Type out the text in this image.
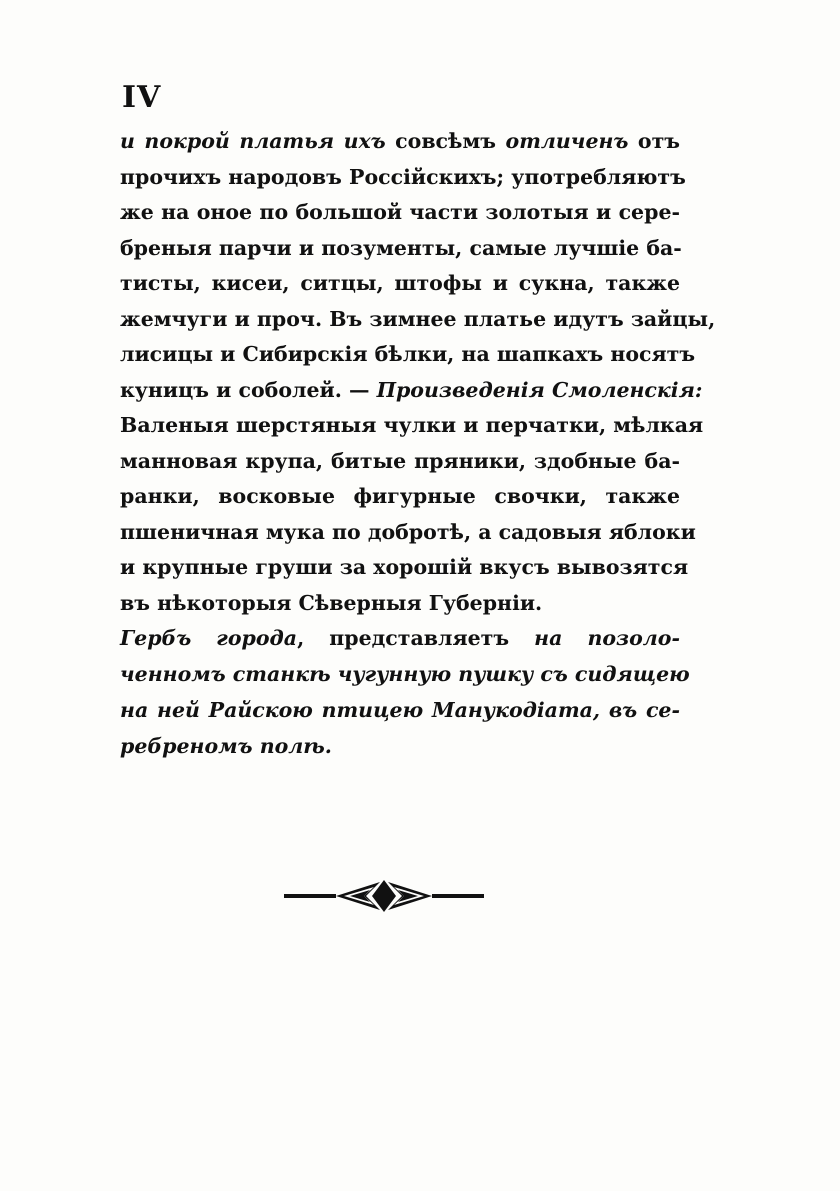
IV
и покрой платья ихъ совсѣмъ отличенъ отъ
прочихъ народовъ Россійскихъ; употребляютъ
же на оное по большой части золотыя и сере-
бреныя парчи и позументы, самые лучшіе ба-
тисты, кисеи, ситцы, штофы и сукна, также
жемчуги и проч. Въ зимнее платье идутъ зайцы,
лисицы и Сибирскія бѣлки, на шапкахъ носятъ
куницъ и соболей. — Произведенія Смоленскія:
Валеныя шерстяныя чулки и перчатки, мѣлкая
манновая крупа, битые пряники, здобные ба-
ранки, восковые фигурные свочки, также
пшеничная мука по добротѣ, а садовыя яблоки
и крупные груши за хорошій вкусъ вывозятся
въ нѣкоторыя Сѣверныя Губерніи.
Гербъ города, представляетъ на позоло-
ченномъ станкѣ чугунную пушку съ сидящею
на ней Райскою птицею Манукодіата, въ се-
ребреномъ полѣ.
